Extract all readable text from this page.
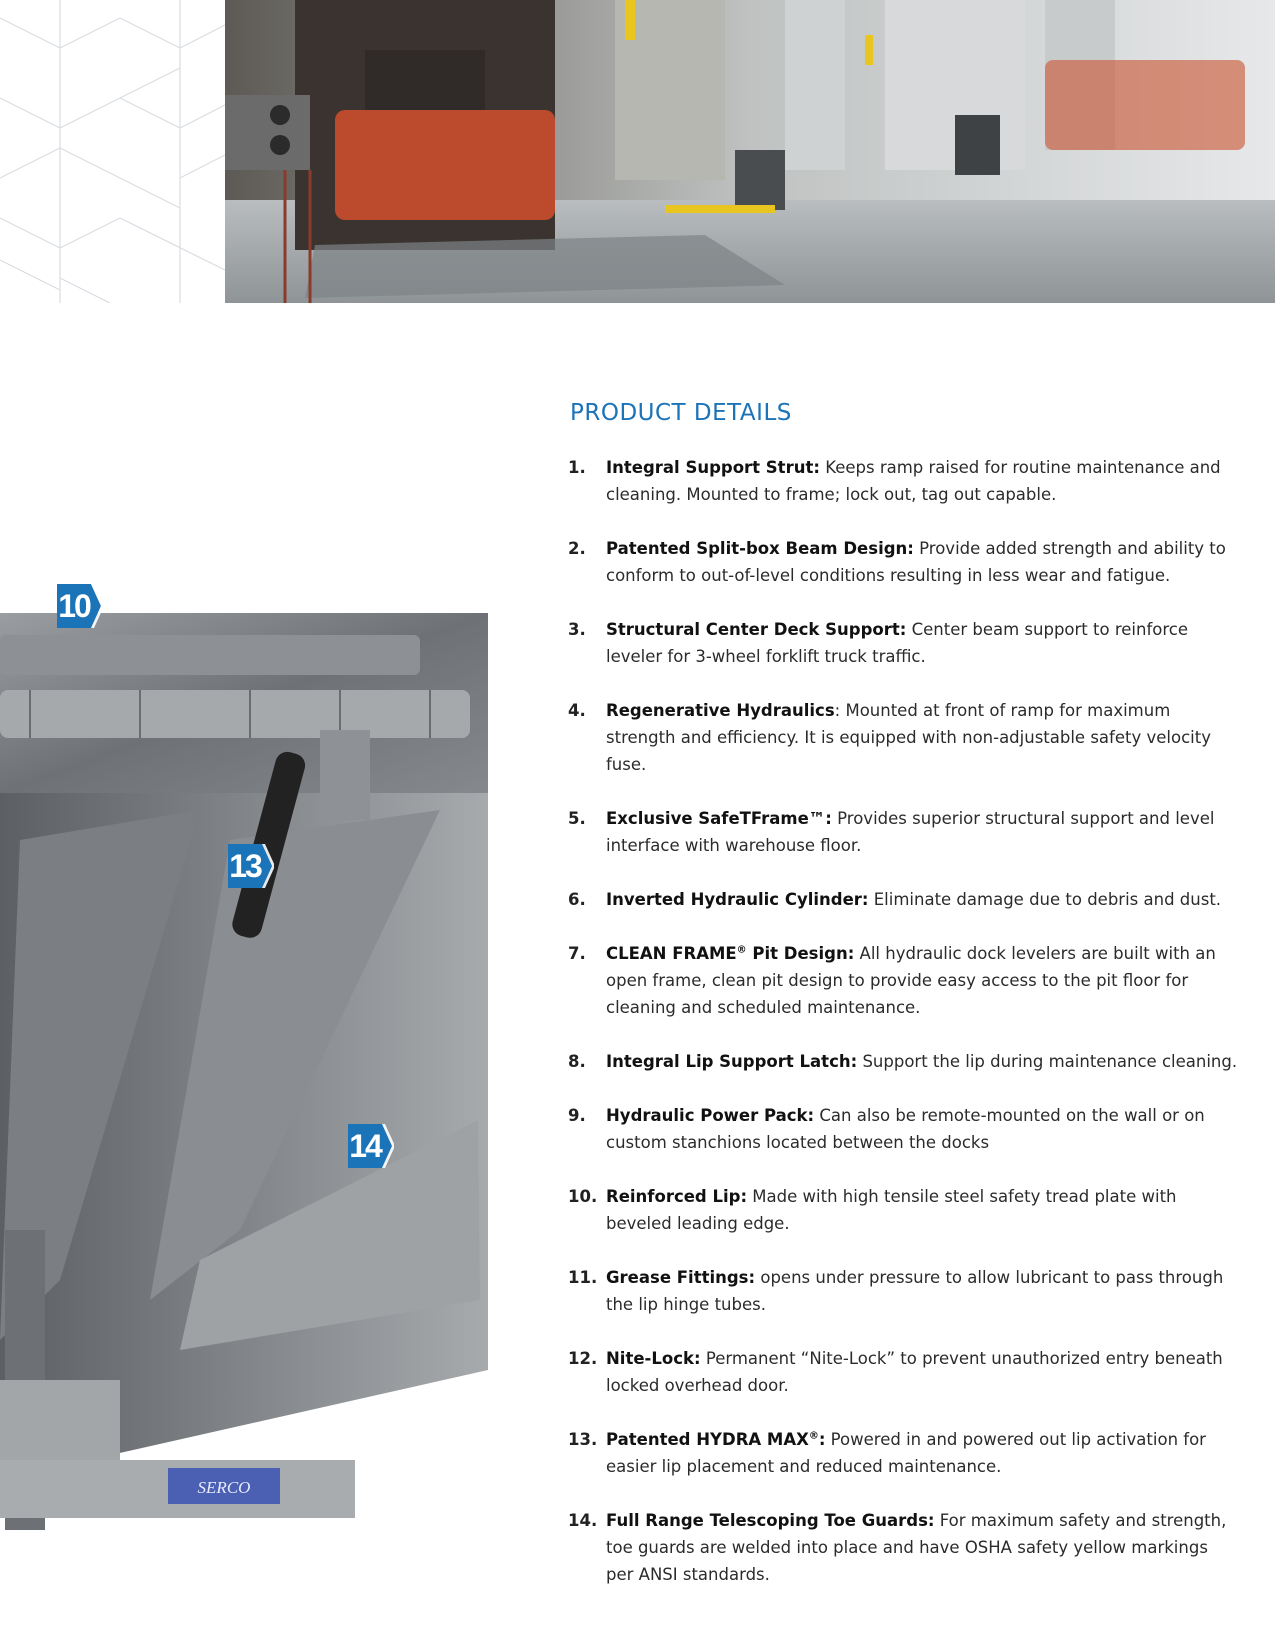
SERCO
10
13
14
PRODUCT DETAILS
1. Integral Support Strut: Keeps ramp raised for routine maintenance and cleaning. Mounted to frame; lock out, tag out capable.
2. Patented Split-box Beam Design: Provide added strength and ability to conform to out-of-level conditions resulting in less wear and fatigue.
3. Structural Center Deck Support: Center beam support to reinforce leveler for 3-wheel forklift truck traffic.
4. Regenerative Hydraulics: Mounted at front of ramp for maximum strength and efficiency. It is equipped with non-adjustable safety velocity fuse.
5. Exclusive SafeTFrame™: Provides superior structural support and level interface with warehouse floor.
6. Inverted Hydraulic Cylinder: Eliminate damage due to debris and dust.
7. CLEAN FRAME® Pit Design: All hydraulic dock levelers are built with an open frame, clean pit design to provide easy access to the pit floor for cleaning and scheduled maintenance.
8. Integral Lip Support Latch: Support the lip during maintenance cleaning.
9. Hydraulic Power Pack: Can also be remote-mounted on the wall or on custom stanchions located between the docks
10. Reinforced Lip: Made with high tensile steel safety tread plate with beveled leading edge.
11. Grease Fittings: opens under pressure to allow lubricant to pass through the lip hinge tubes.
12. Nite-Lock: Permanent “Nite-Lock” to prevent unauthorized entry beneath locked overhead door.
13. Patented HYDRA MAX®: Powered in and powered out lip activation for easier lip placement and reduced maintenance.
14. Full Range Telescoping Toe Guards: For maximum safety and strength, toe guards are welded into place and have OSHA safety yellow markings per ANSI standards.
